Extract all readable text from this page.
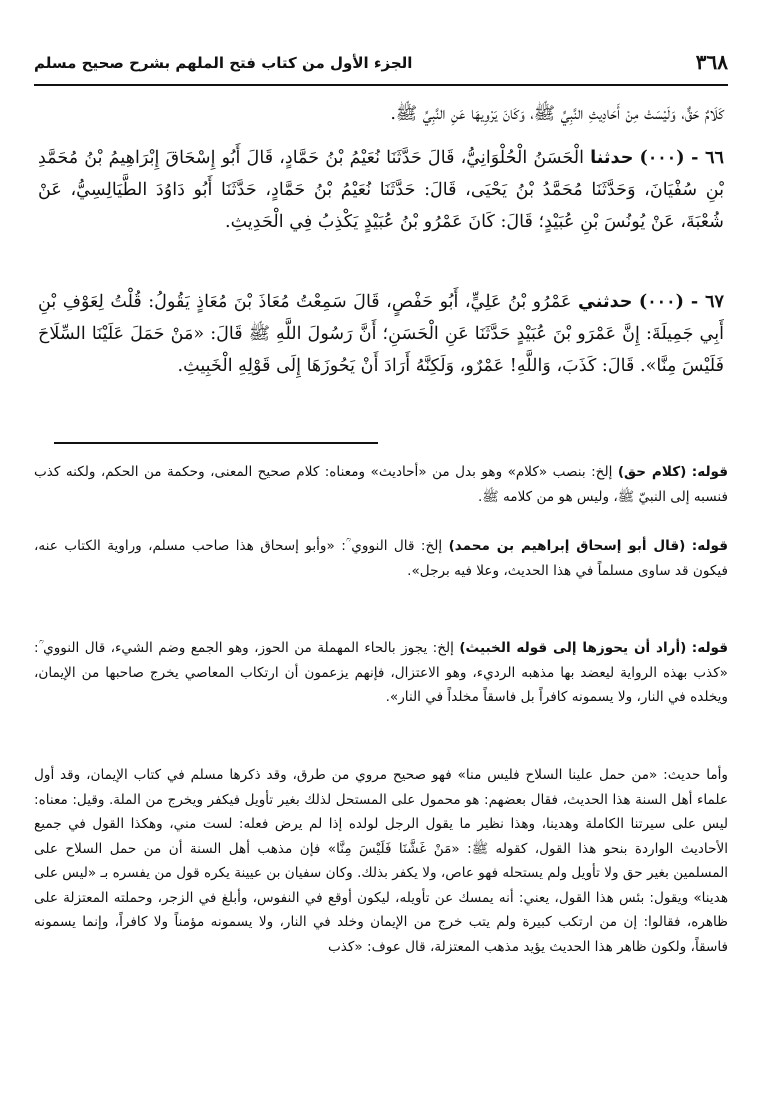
٣٦٨
الجزء الأول من كتاب فتح الملهم بشرح صحيح مسلم

كَلَامٌ حَقٌّ، وَلَيْسَتْ مِنْ أَحَادِيثِ النَّبِيِّ ﷺ، وَكَانَ يَرْوِيهَا عَنِ النَّبِيِّ ﷺ.

٦٦ - (٠٠٠) حدثنا الْحَسَنُ الْحُلْوَانِيُّ، قَالَ حَدَّثَنَا نُعَيْمُ بْنُ حَمَّادٍ، قَالَ أَبُو إِسْحَاقَ إِبْرَاهِيمُ بْنُ مُحَمَّدِ بْنِ سُفْيَانَ، وَحَدَّثَنَا مُحَمَّدُ بْنُ يَحْيَى، قَالَ: حَدَّثَنَا نُعَيْمُ بْنُ حَمَّادٍ، حَدَّثَنَا أَبُو دَاوُدَ الطَّيَالِسِيُّ، عَنْ شُعْبَةَ، عَنْ يُونُسَ بْنِ عُبَيْدٍ؛ قَالَ: كَانَ عَمْرُو بْنُ عُبَيْدٍ يَكْذِبُ فِي الْحَدِيثِ.

٦٧ - (٠٠٠) حدثني عَمْرُو بْنُ عَلِيٍّ، أَبُو حَفْصٍ، قَالَ سَمِعْتُ مُعَاذَ بْنَ مُعَاذٍ يَقُولُ: قُلْتُ لِعَوْفِ بْنِ أَبِي جَمِيلَةَ: إِنَّ عَمْرَو بْنَ عُبَيْدٍ حَدَّثَنَا عَنِ الْحَسَنِ؛ أَنَّ رَسُولَ اللَّهِ ﷺ قَالَ: «مَنْ حَمَلَ عَلَيْنَا السِّلَاحَ فَلَيْسَ مِنَّا». قَالَ: كَذَبَ، وَاللَّهِ! عَمْرٌو، وَلَكِنَّهُ أَرَادَ أَنْ يَحُوزَهَا إِلَى قَوْلِهِ الْخَبِيثِ.

قوله: (كلام حق) إلخ: بنصب «كلام» وهو بدل من «أحاديث» ومعناه: كلام صحيح المعنى، وحكمة من الحكم، ولكنه كذب فنسبه إلى النبيّ ﷺ، وليس هو من كلامه ﷺ.

قوله: (قال أبو إسحاق إبراهيم بن محمد) إلخ: قال النووي ؒ: «وأبو إسحاق هذا صاحب مسلم، وراوية الكتاب عنه، فيكون قد ساوى مسلماً في هذا الحديث، وعلا فيه برجل».

قوله: (أراد أن يحوزها إلى قوله الخبيث) إلخ: يجوز بالحاء المهملة من الحوز، وهو الجمع وضم الشيء، قال النووي ؒ: «كذب بهذه الرواية ليعضد بها مذهبه الرديء، وهو الاعتزال، فإنهم يزعمون أن ارتكاب المعاصي يخرج صاحبها من الإيمان، ويخلده في النار، ولا يسمونه كافراً بل فاسقاً مخلداً في النار».

وأما حديث: «من حمل علينا السلاح فليس منا» فهو صحيح مروي من طرق، وقد ذكرها مسلم في كتاب الإيمان، وقد أول علماء أهل السنة هذا الحديث، فقال بعضهم: هو محمول على المستحل لذلك بغير تأويل فيكفر ويخرج من الملة. وقيل: معناه: ليس على سيرتنا الكاملة وهدينا، وهذا نظير ما يقول الرجل لولده إذا لم يرض فعله: لست مني، وهكذا القول في جميع الأحاديث الواردة بنحو هذا القول، كقوله ﷺ: «مَنْ غَشَّنَا فَلَيْسَ مِنَّا» فإن مذهب أهل السنة أن من حمل السلاح على المسلمين بغير حق ولا تأويل ولم يستحله فهو عاص، ولا يكفر بذلك. وكان سفيان بن عيينة يكره قول من يفسره بـ «ليس على هدينا» ويقول: بئس هذا القول، يعني: أنه يمسك عن تأويله، ليكون أوقع في النفوس، وأبلغ في الزجر، وحملته المعتزلة على ظاهره، فقالوا: إن من ارتكب كبيرة ولم يتب خرج من الإيمان وخلد في النار، ولا يسمونه مؤمناً ولا كافراً، وإنما يسمونه فاسقاً، ولكون ظاهر هذا الحديث يؤيد مذهب المعتزلة، قال عوف: «كذب
